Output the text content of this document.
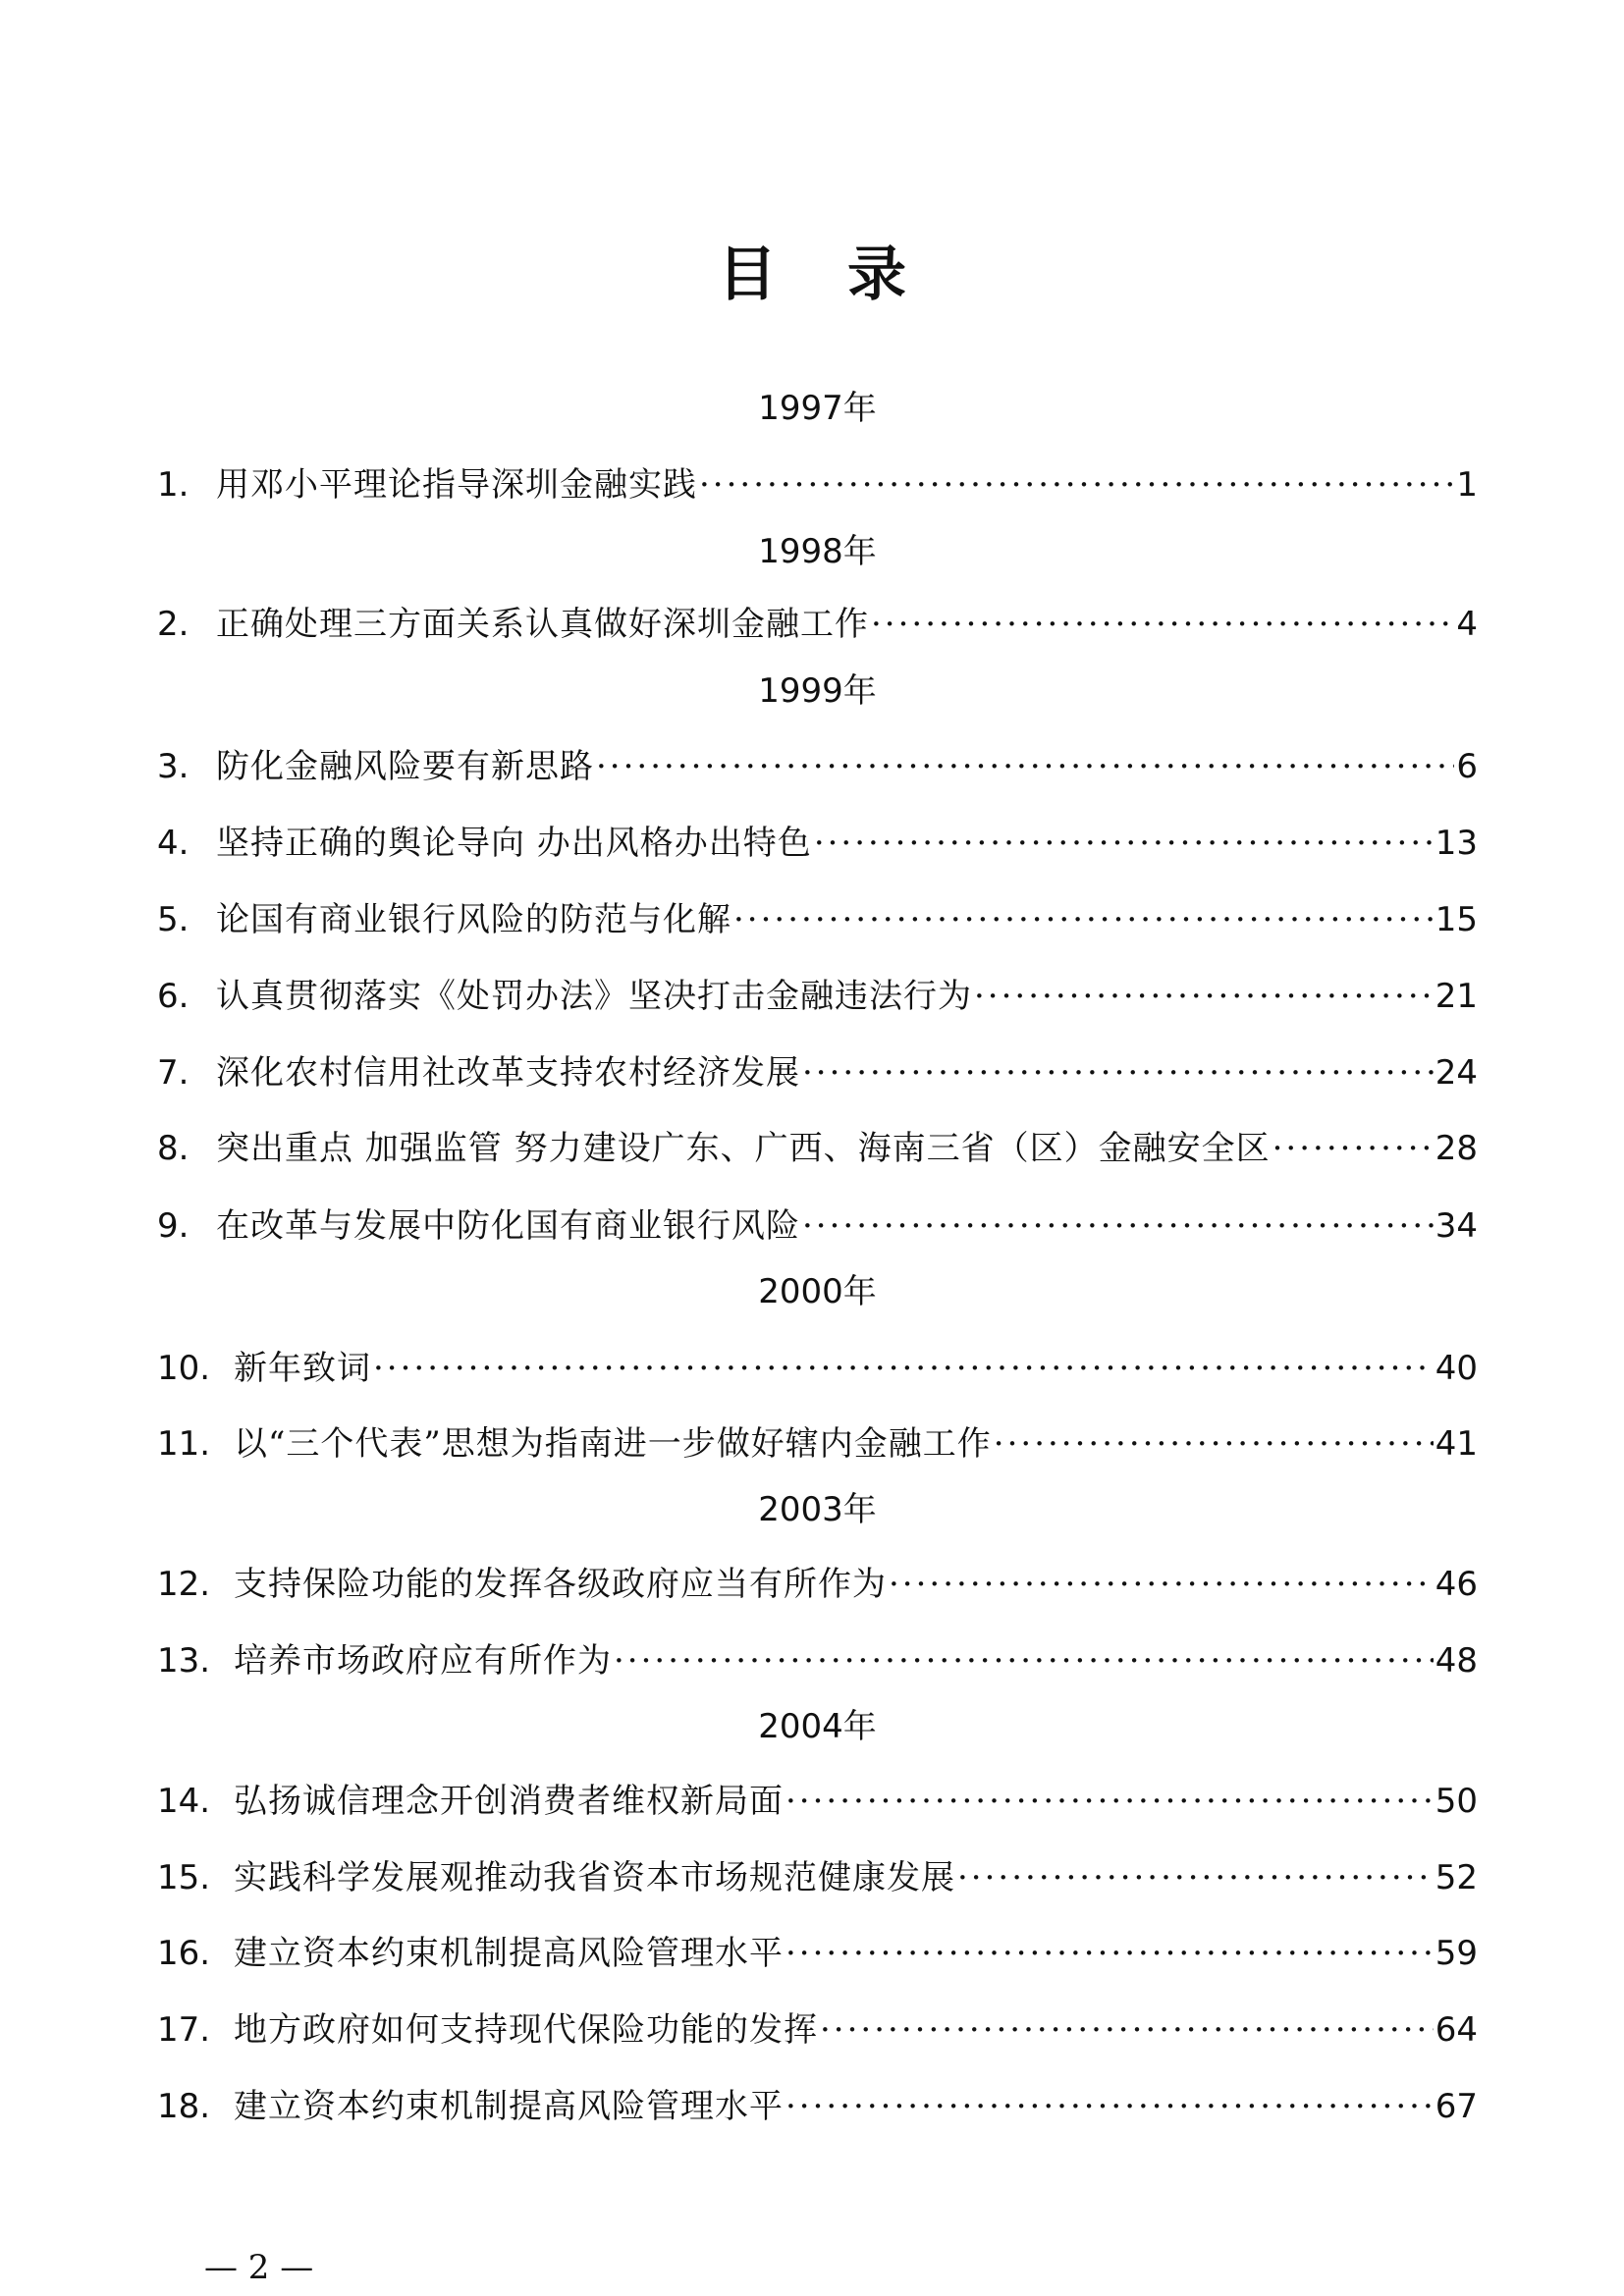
目 录
1997年
1. 用邓小平理论指导深圳金融实践 ·····	1
1998年
2. 正确处理三方面关系认真做好深圳金融工作 ·····	4
1999年
3. 防化金融风险要有新思路 ·····	6
4. 坚持正确的舆论导向 办出风格办出特色 ·····	13
5. 论国有商业银行风险的防范与化解 ·····	15
6. 认真贯彻落实《处罚办法》坚决打击金融违法行为 ·····	21
7. 深化农村信用社改革支持农村经济发展 ·····	24
8. 突出重点 加强监管 努力建设广东、广西、海南三省（区）金融安全区 ·····	28
9. 在改革与发展中防化国有商业银行风险 ·····	34
2000年
10. 新年致词 ·····	40
11. 以“三个代表”思想为指南进一步做好辖内金融工作 ·····	41
2003年
12. 支持保险功能的发挥各级政府应当有所作为 ·····	46
13. 培养市场政府应有所作为 ·····	48
2004年
14. 弘扬诚信理念开创消费者维权新局面 ·····	50
15. 实践科学发展观推动我省资本市场规范健康发展 ·····	52
16. 建立资本约束机制提高风险管理水平 ·····	59
17. 地方政府如何支持现代保险功能的发挥 ·····	64
18. 建立资本约束机制提高风险管理水平 ·····	67
— 2 —
